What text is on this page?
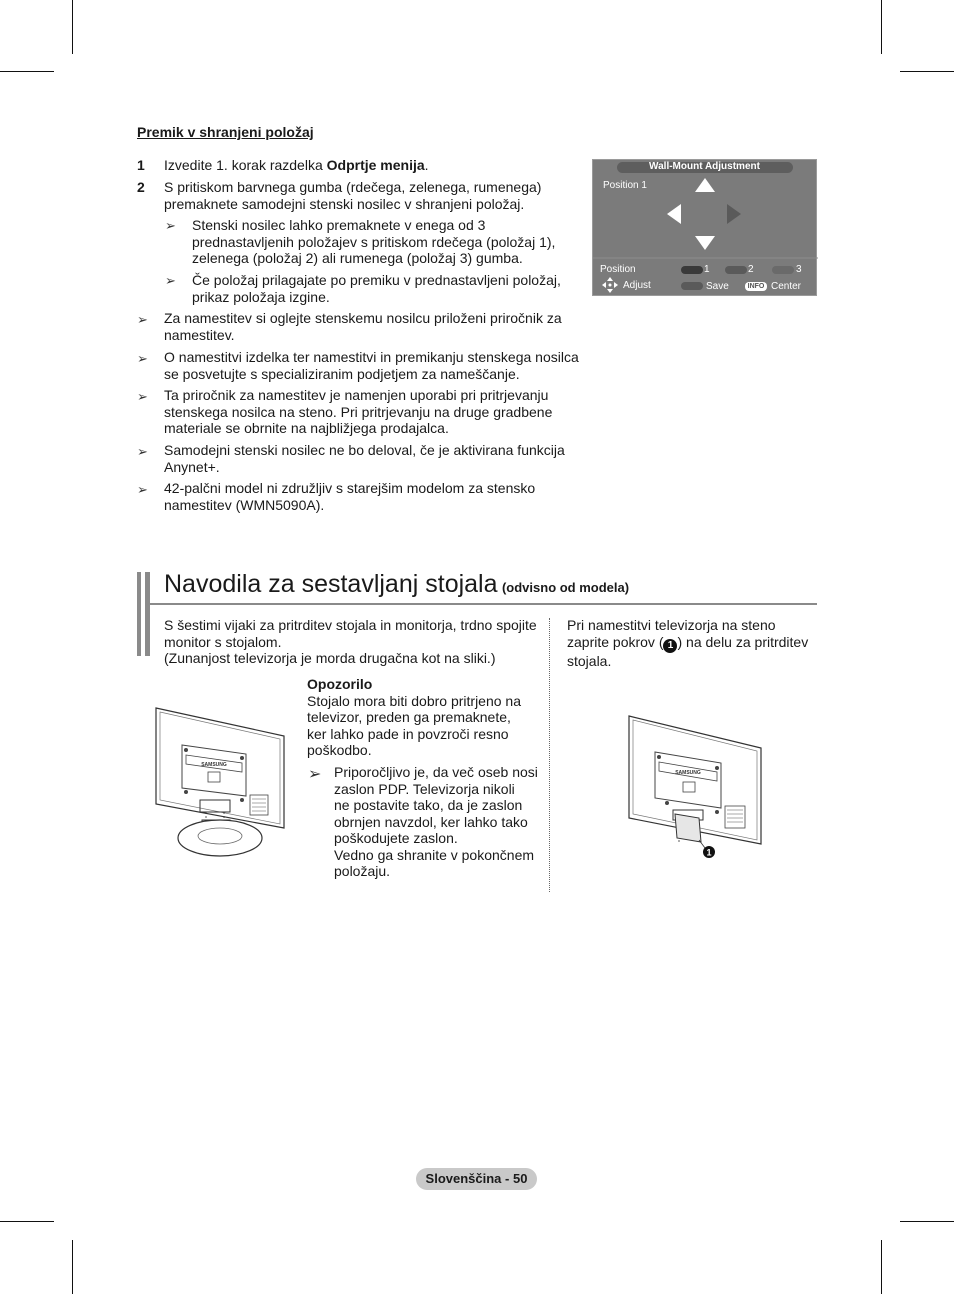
Premik v shranjeni položaj
1 Izvedite 1. korak razdelka Odprtje menija.
2 S pritiskom barvnega gumba (rdečega, zelenega, rumenega)
premaknete samodejni stenski nosilec v shranjeni položaj.
➢ Stenski nosilec lahko premaknete v enega od 3
prednastavljenih položajev s pritiskom rdečega (položaj 1),
zelenega (položaj 2) ali rumenega (položaj 3) gumba.
➢ Če položaj prilagajate po premiku v prednastavljeni položaj,
prikaz položaja izgine.
➢ Za namestitev si oglejte stenskemu nosilcu priloženi priročnik za
namestitev.
➢ O namestitvi izdelka ter namestitvi in premikanju stenskega nosilca
se posvetujte s specializiranim podjetjem za nameščanje.
➢ Ta priročnik za namestitev je namenjen uporabi pri pritrjevanju
stenskega nosilca na steno. Pri pritrjevanju na druge gradbene
materiale se obrnite na najbližjega prodajalca.
➢ Samodejni stenski nosilec ne bo deloval, če je aktivirana funkcija
Anynet+.
➢ 42-palčni model ni združljiv s starejšim modelom za stensko
namestitev (WMN5090A).
Wall-Mount Adjustment
Position 1
Position	1	2	3
Adjust	Save	INFO Center
Navodila za sestavljanj stojala (odvisno od modela)
S šestimi vijaki za pritrditev stojala in monitorja, trdno spojite
monitor s stojalom.
(Zunanjost televizorja je morda drugačna kot na sliki.)
Opozorilo
Stojalo mora biti dobro pritrjeno na
televizor, preden ga premaknete,
ker lahko pade in povzroči resno
poškodbo.
➢ Priporočljivo je, da več oseb nosi
zaslon PDP. Televizorja nikoli
ne postavite tako, da je zaslon
obrnjen navzdol, ker lahko tako
poškodujete zaslon.
Vedno ga shranite v pokončnem
položaju.
Pri namestitvi televizorja na steno
zaprite pokrov ( 1 ) na delu za pritrditev
stojala.
SAMSUNG
SAMSUNG
1
Slovenščina - 50
